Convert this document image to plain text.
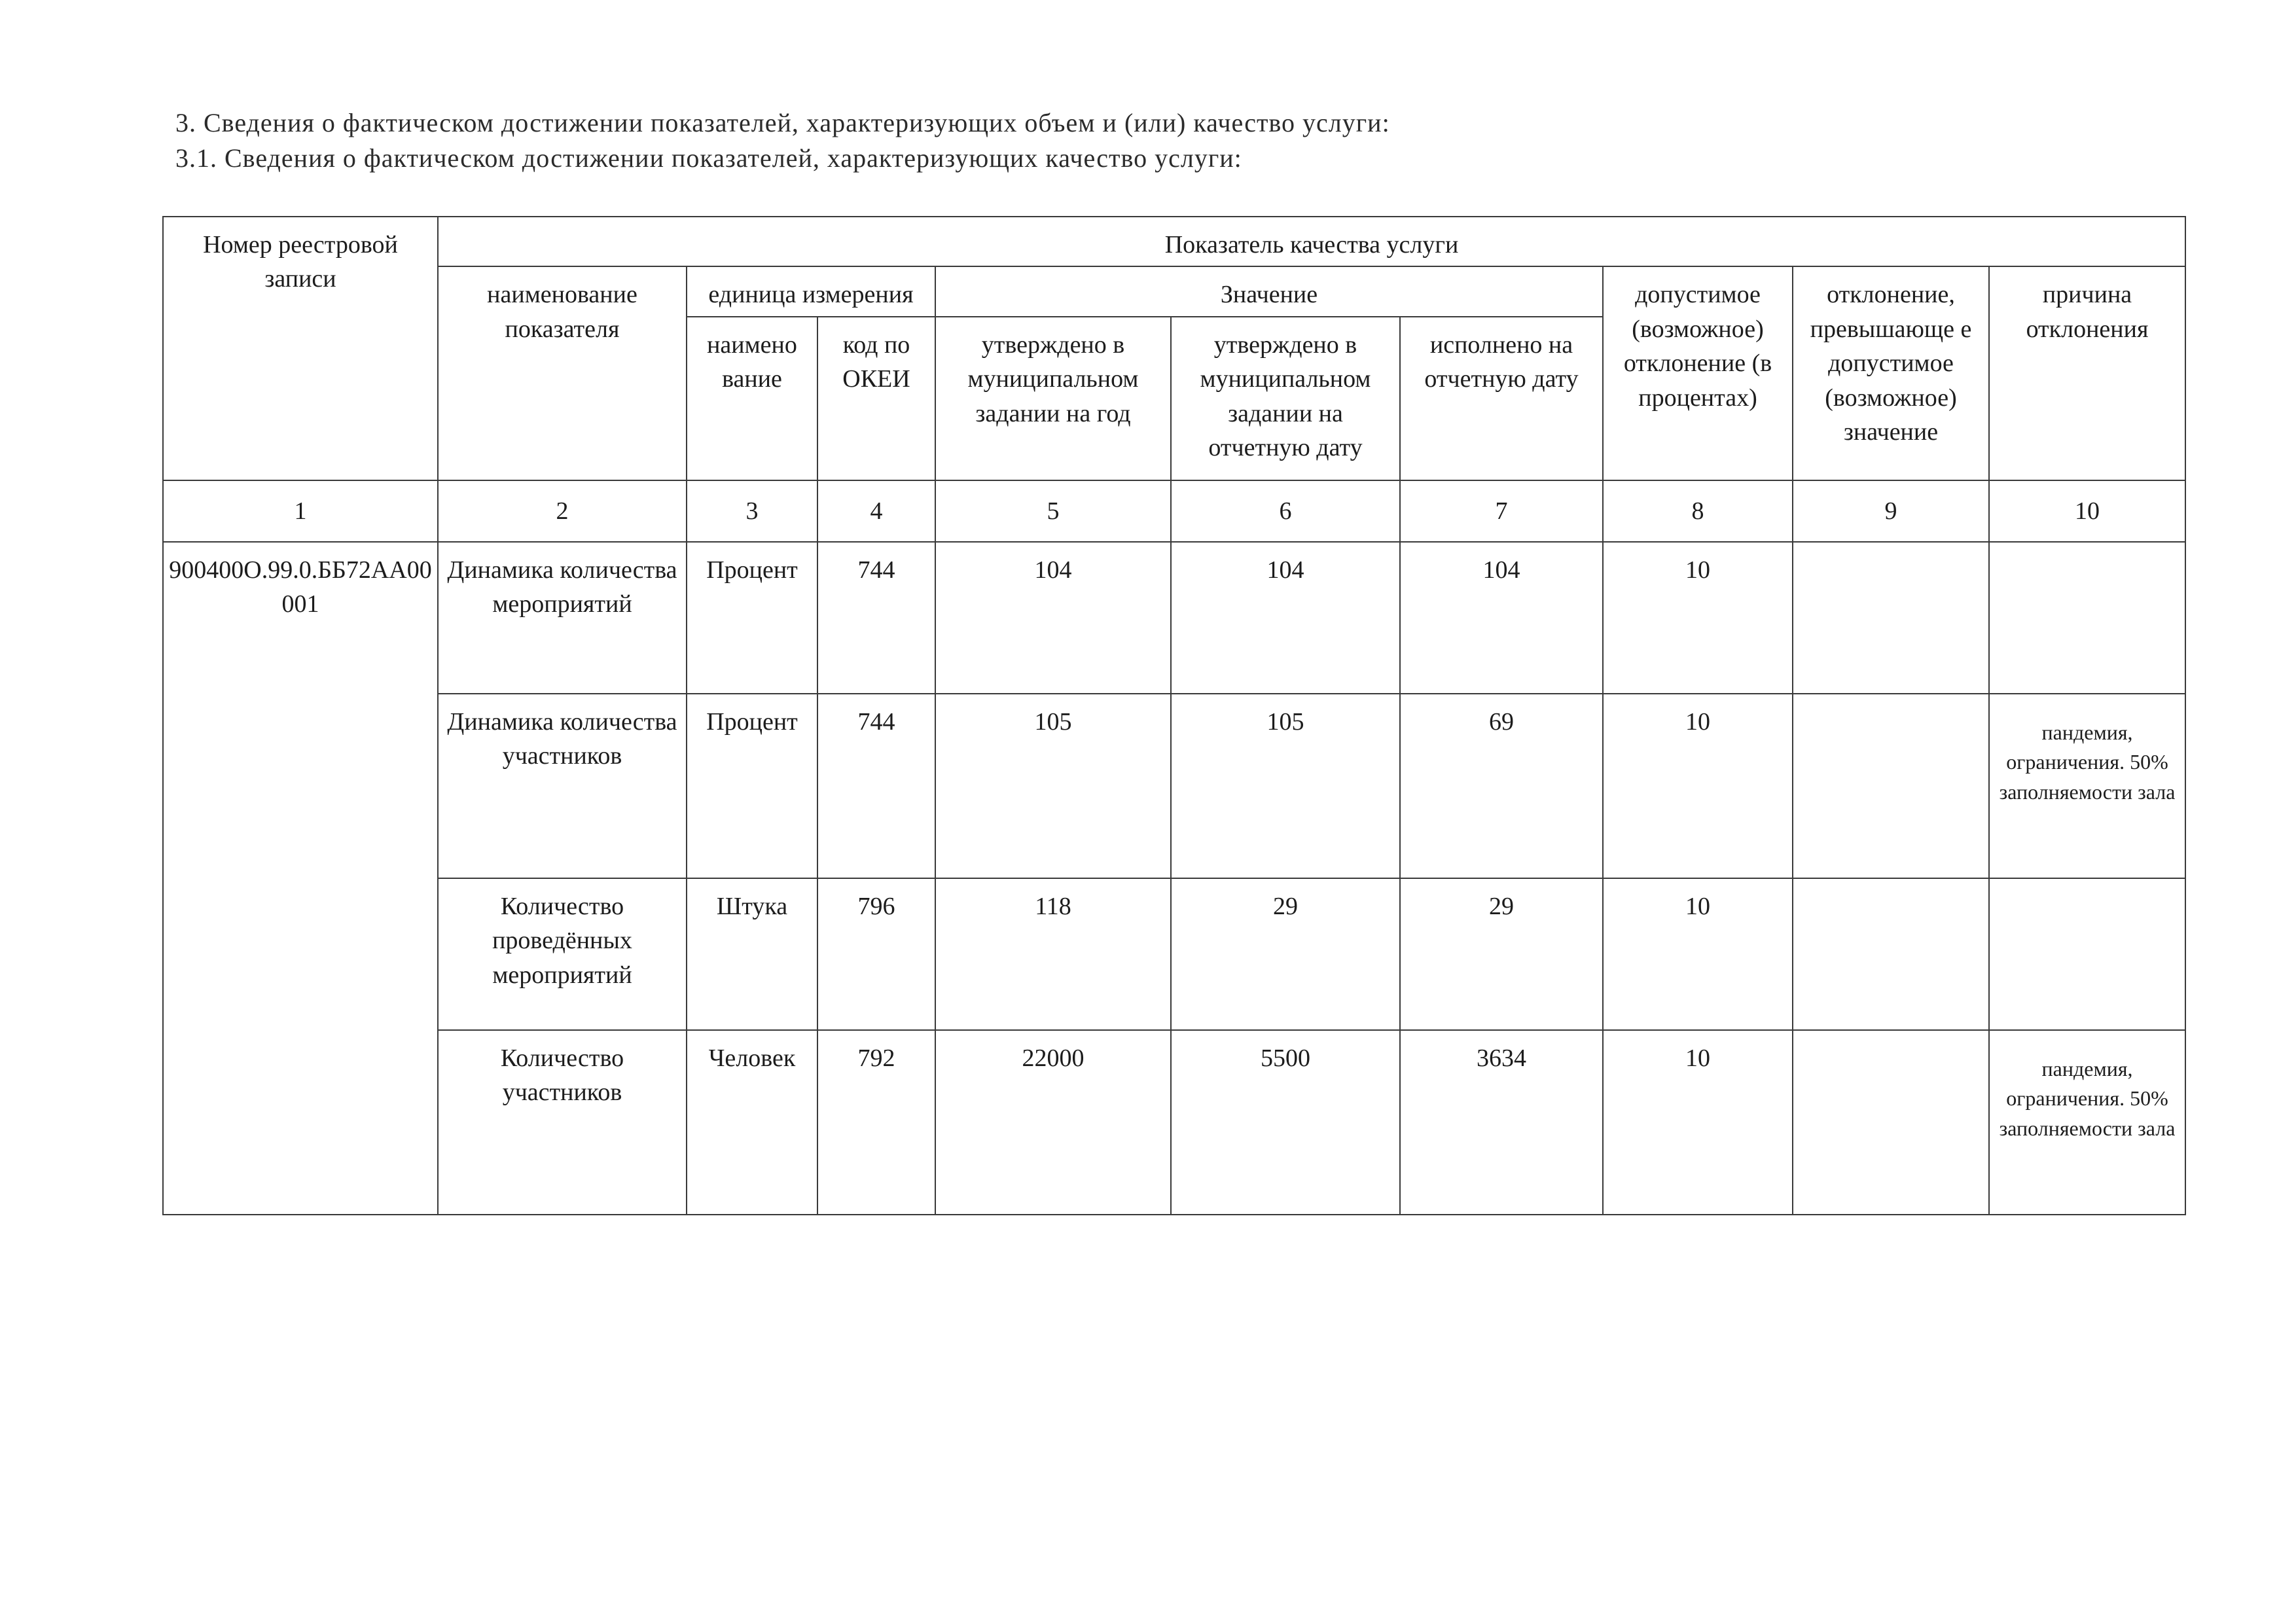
3. Сведения о фактическом достижении показателей, характеризующих объем и (или) качество услуги:

3.1. Сведения о фактическом достижении показателей, характеризующих качество услуги:

Номер реестровой записи	Показатель качества услуги								
	наименование показателя	единица измерения		Значение			допустимое (возможное) отклонение (в процентах)	отклонение, превышающе е допустимое (возможное) значение	причина отклонения
		наимено вание	код по ОКЕИ	утверждено в муниципальном задании на год	утверждено в муниципальном задании на отчетную дату	исполнено на отчетную дату			
1	2	3	4	5	6	7	8	9	10
900400О.99.0.ББ72АА00001	Динамика количества мероприятий	Процент	744	104	104	104	10		
	Динамика количества участников	Процент	744	105	105	69	10		пандемия, ограничения. 50% заполняемости зала
	Количество проведённых мероприятий	Штука	796	118	29	29	10		
	Количество участников	Человек	792	22000	5500	3634	10		пандемия, ограничения. 50% заполняемости зала
